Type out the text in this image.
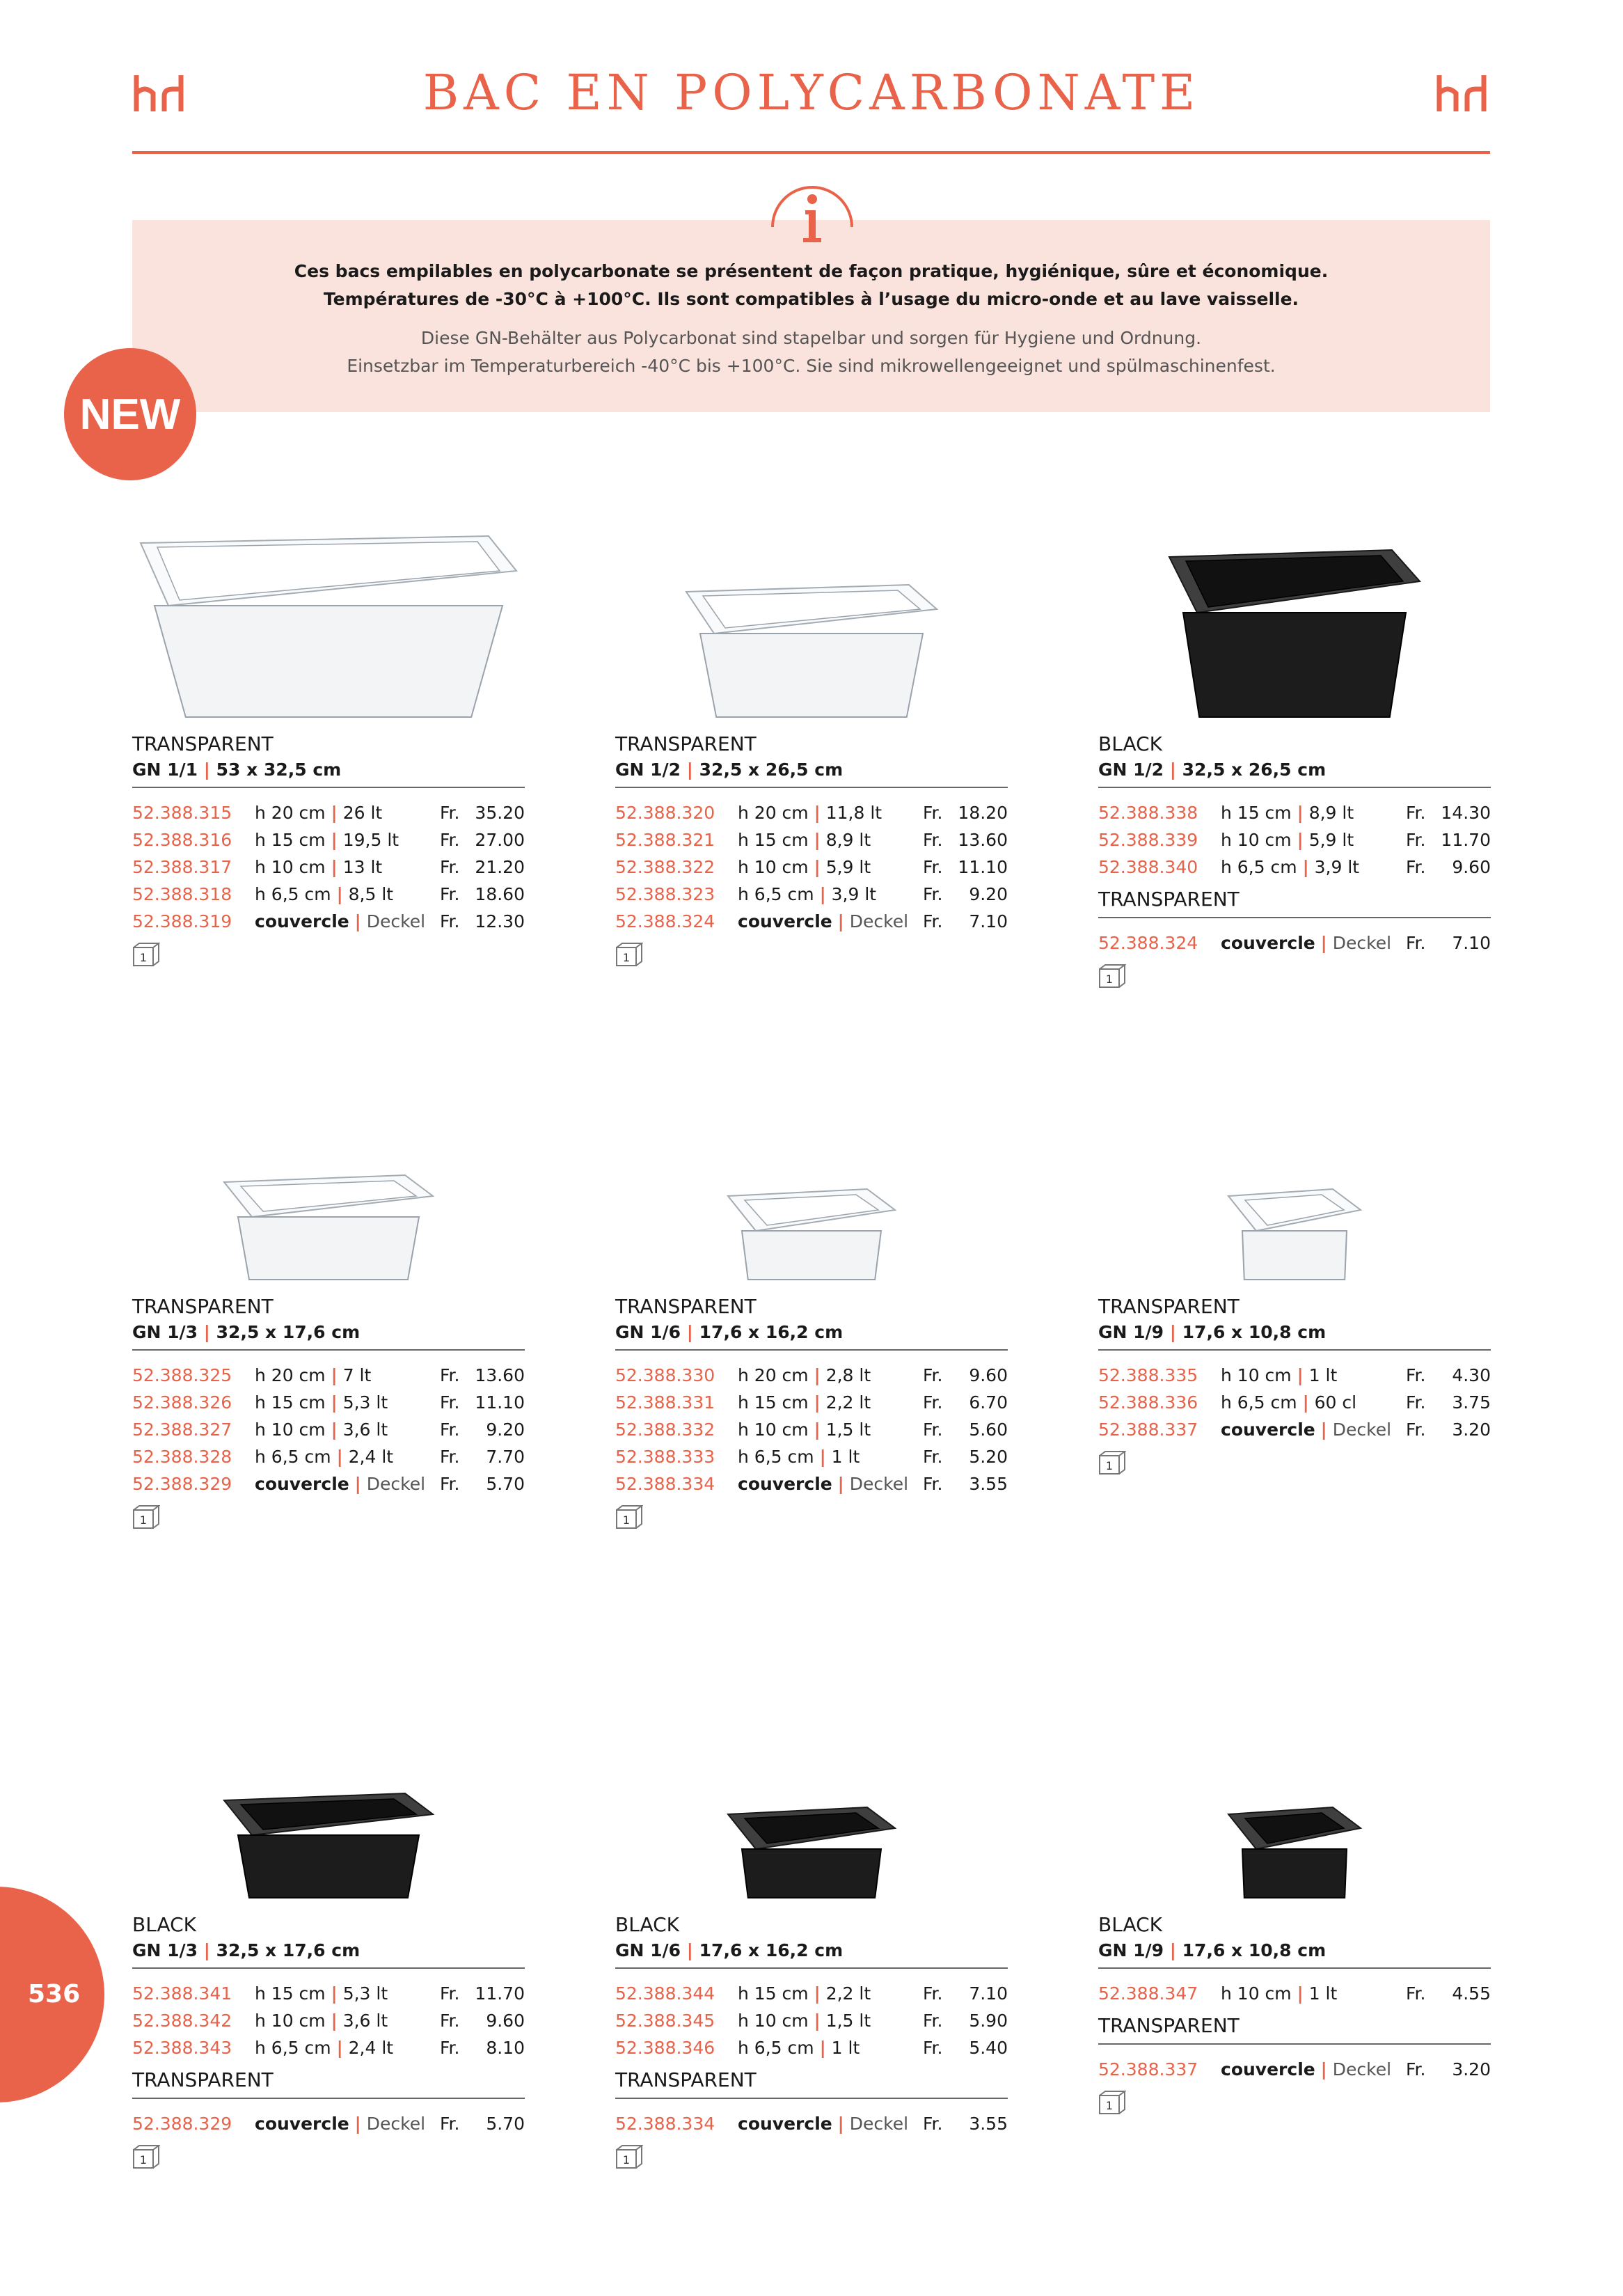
BAC EN POLYCARBONATE
Ces bacs empilables en polycarbonate se présentent de façon pratique, hygiénique, sûre et économique.
Températures de -30°C à +100°C. Ils sont compatibles à l’usage du micro-onde et au lave vaisselle.
Diese GN-Behälter aus Polycarbonat sind stapelbar und sorgen für Hygiene und Ordnung.
Einsetzbar im Temperaturbereich -40°C bis +100°C. Sie sind mikrowellengeeignet und spülmaschinenfest.
NEW
536
TRANSPARENT
GN 1/1 | 53 x 32,5 cm
52.388.315 h 20 cm | 26 lt	Fr. 35.20
52.388.316 h 15 cm | 19,5 lt Fr. 27.00
52.388.317 h 10 cm | 13 lt	Fr. 21.20
52.388.318 h 6,5 cm | 8,5 lt	Fr. 18.60
52.388.319 couvercle | Deckel Fr. 12.30
1
TRANSPARENT
GN 1/2 | 32,5 x 26,5 cm
52.388.320 h 20 cm | 11,8 lt Fr. 18.20
52.388.321 h 15 cm | 8,9 lt	Fr. 13.60
52.388.322 h 10 cm | 5,9 lt	Fr. 11.10
52.388.323 h 6,5 cm | 3,9 lt	Fr. 9.20
52.388.324 couvercle | Deckel Fr. 7.10
1
BLACK
GN 1/2 | 32,5 x 26,5 cm
52.388.338 h 15 cm | 8,9 lt	Fr. 14.30
52.388.339 h 10 cm | 5,9 lt	Fr. 11.70
52.388.340 h 6,5 cm | 3,9 lt	Fr. 9.60
TRANSPARENT
52.388.324 couvercle | Deckel Fr. 7.10
1
TRANSPARENT
GN 1/3 | 32,5 x 17,6 cm
52.388.325 h 20 cm | 7 lt	Fr. 13.60
52.388.326 h 15 cm | 5,3 lt	Fr. 11.10
52.388.327 h 10 cm | 3,6 lt	Fr. 9.20
52.388.328 h 6,5 cm | 2,4 lt	Fr. 7.70
52.388.329 couvercle | Deckel Fr. 5.70
1
TRANSPARENT
GN 1/6 | 17,6 x 16,2 cm
52.388.330 h 20 cm | 2,8 lt	Fr. 9.60
52.388.331 h 15 cm | 2,2 lt	Fr. 6.70
52.388.332 h 10 cm | 1,5 lt	Fr. 5.60
52.388.333 h 6,5 cm | 1 lt	Fr. 5.20
52.388.334 couvercle | Deckel Fr. 3.55
1
TRANSPARENT
GN 1/9 | 17,6 x 10,8 cm
52.388.335 h 10 cm | 1 lt	Fr. 4.30
52.388.336 h 6,5 cm | 60 cl	Fr. 3.75
52.388.337 couvercle | Deckel Fr. 3.20
1
BLACK
GN 1/3 | 32,5 x 17,6 cm
52.388.341 h 15 cm | 5,3 lt	Fr. 11.70
52.388.342 h 10 cm | 3,6 lt	Fr. 9.60
52.388.343 h 6,5 cm | 2,4 lt	Fr. 8.10
TRANSPARENT
52.388.329 couvercle | Deckel Fr. 5.70
1
BLACK
GN 1/6 | 17,6 x 16,2 cm
52.388.344 h 15 cm | 2,2 lt	Fr. 7.10
52.388.345 h 10 cm | 1,5 lt	Fr. 5.90
52.388.346 h 6,5 cm | 1 lt	Fr. 5.40
TRANSPARENT
52.388.334 couvercle | Deckel Fr. 3.55
1
BLACK
GN 1/9 | 17,6 x 10,8 cm
52.388.347 h 10 cm | 1 lt	Fr. 4.55
TRANSPARENT
52.388.337 couvercle | Deckel Fr. 3.20
1
